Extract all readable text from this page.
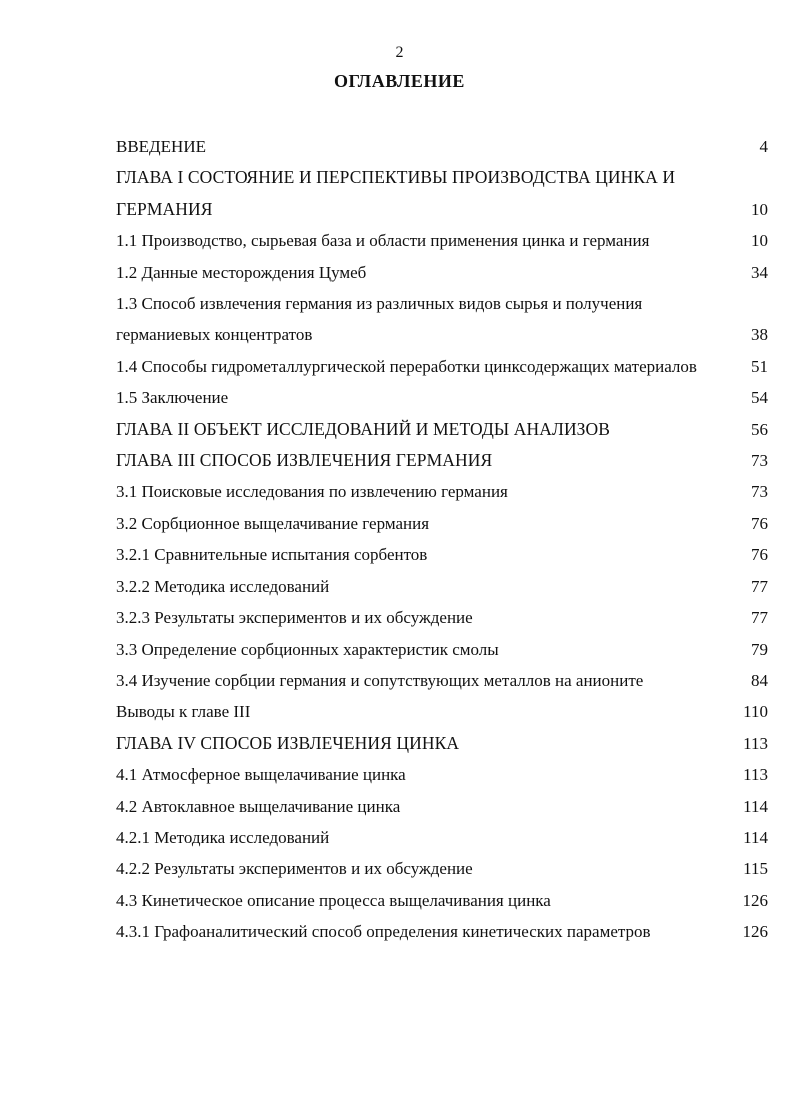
2
ОГЛАВЛЕНИЕ
ВВЕДЕНИЕ	4
ГЛАВА I СОСТОЯНИЕ И ПЕРСПЕКТИВЫ ПРОИЗВОДСТВА ЦИНКА И ГЕРМАНИЯ	10
1.1 Производство, сырьевая база и области применения цинка и германия	10
1.2 Данные месторождения Цумеб	34
1.3 Способ извлечения германия из различных видов сырья и получения германиевых концентратов	38
1.4 Способы гидрометаллургической переработки цинксодержащих материалов	51
1.5 Заключение	54
ГЛАВА II ОБЪЕКТ ИССЛЕДОВАНИЙ И МЕТОДЫ АНАЛИЗОВ	56
ГЛАВА III СПОСОБ ИЗВЛЕЧЕНИЯ ГЕРМАНИЯ	73
3.1 Поисковые исследования по извлечению германия	73
3.2 Сорбционное выщелачивание германия	76
3.2.1 Сравнительные испытания сорбентов	76
3.2.2 Методика исследований	77
3.2.3 Результаты экспериментов и их обсуждение	77
3.3 Определение сорбционных характеристик смолы	79
3.4 Изучение сорбции германия и сопутствующих металлов на анионите	84
Выводы к главе III	110
ГЛАВА IV СПОСОБ ИЗВЛЕЧЕНИЯ ЦИНКА	113
4.1 Атмосферное выщелачивание цинка	113
4.2 Автоклавное выщелачивание цинка	114
4.2.1 Методика исследований	114
4.2.2 Результаты экспериментов и их обсуждение	115
4.3 Кинетическое описание процесса выщелачивания цинка	126
4.3.1 Графоаналитический способ определения кинетических параметров	126
